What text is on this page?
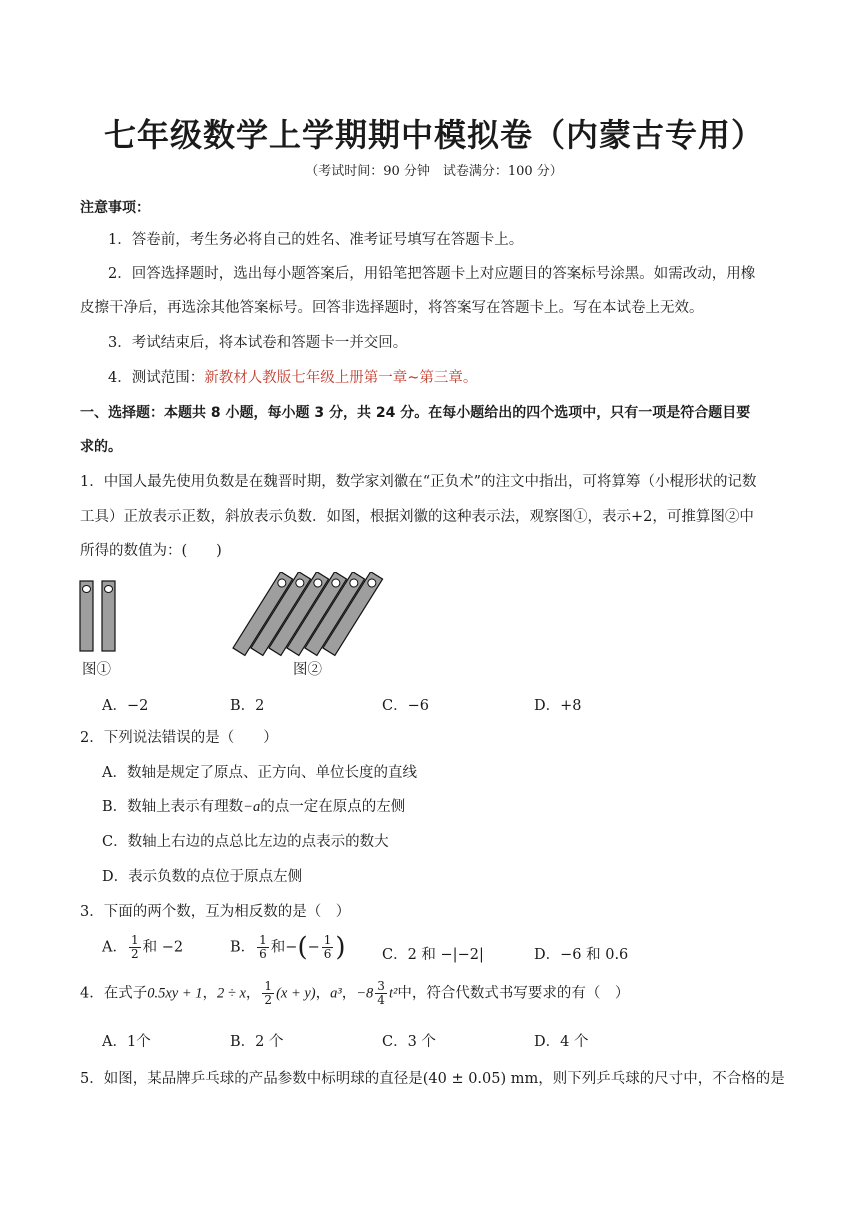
七年级数学上学期期中模拟卷（内蒙古专用）
（考试时间：90 分钟　试卷满分：100 分）
注意事项：
1．答卷前，考生务必将自己的姓名、准考证号填写在答题卡上。
2．回答选择题时，选出每小题答案后，用铅笔把答题卡上对应题目的答案标号涂黑。如需改动，用橡
皮擦干净后，再选涂其他答案标号。回答非选择题时，将答案写在答题卡上。写在本试卷上无效。
3．考试结束后，将本试卷和答题卡一并交回。
4．测试范围：新教材人教版七年级上册第一章~第三章。
一、选择题：本题共 8 小题，每小题 3 分，共 24 分。在每小题给出的四个选项中，只有一项是符合题目要
求的。
1．中国人最先使用负数是在魏晋时期，数学家刘徽在“正负术”的注文中指出，可将算筹（小棍形状的记数
工具）正放表示正数，斜放表示负数．如图，根据刘徽的这种表示法，观察图①，表示+2，可推算图②中
所得的数值为：(　　)
图①	图②
A．−2	B．2	C．−6	D．+8
2．下列说法错误的是（　　）
A．数轴是规定了原点、正方向、单位长度的直线
B．数轴上表示有理数−a的点一定在原点的左侧
C．数轴上右边的点总比左边的点表示的数大
D．表示负数的点位于原点左侧
3．下面的两个数，互为相反数的是（　）
A． $\frac{1}{2}$ 和 −2	B． $\frac{1}{6}$ 和−(− $\frac{1}{6}$ )	C．2 和 −|−2|	D．−6 和 0.6
4．在式子0.5xy + 1，2 ÷ x， $\frac{1}{2} (x + y)$，a³，$-8 \frac{3}{4} t^2$中，符合代数式书写要求的有（　）
A．1个	B．2 个	C．3 个	D．4 个
5．如图，某品牌乒乓球的产品参数中标明球的直径是(40 ± 0.05) mm，则下列乒乓球的尺寸中，不合格的是
